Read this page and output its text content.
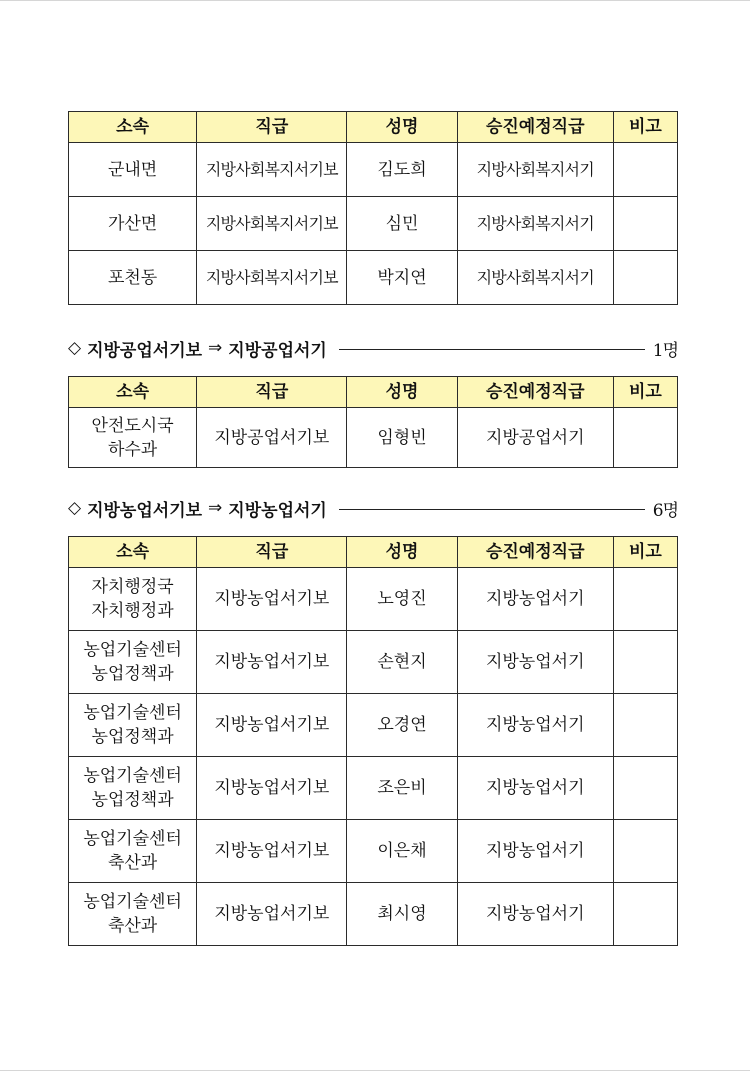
소속	직급	성명	승진예정직급	비고
군내면	지방사회복지서기보	김도희	지방사회복지서기	
가산면	지방사회복지서기보	심민	지방사회복지서기	
포천동	지방사회복지서기보	박지연	지방사회복지서기	
◇ 지방공업서기보 ⇒ 지방공업서기	1명
소속	직급	성명	승진예정직급	비고

안전도시국
하수과	지방공업서기보	임형빈	지방공업서기	
◇ 지방농업서기보 ⇒ 지방농업서기	6명
소속	직급	성명	승진예정직급	비고

자치행정국
자치행정과	지방농업서기보	노영진	지방농업서기	

농업기술센터
농업정책과	지방농업서기보	손현지	지방농업서기	

농업기술센터
농업정책과	지방농업서기보	오경연	지방농업서기	

농업기술센터
농업정책과	지방농업서기보	조은비	지방농업서기	

농업기술센터
축산과	지방농업서기보	이은채	지방농업서기	

농업기술센터
축산과	지방농업서기보	최시영	지방농업서기	
